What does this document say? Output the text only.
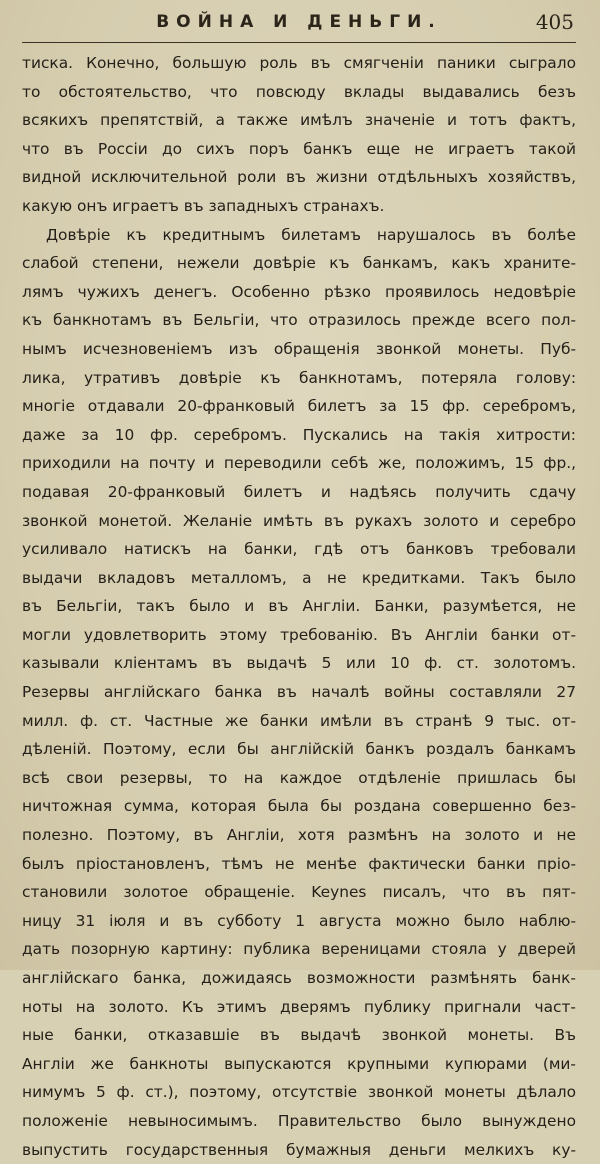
ВОЙНА И ДЕНЬГИ.	405

тиска. Конечно, большую роль въ смягченіи паники сыграло
то обстоятельство, что повсюду вклады выдавались безъ
всякихъ препятствій, а также имѣлъ значеніе и тотъ фактъ,
что въ Россіи до сихъ поръ банкъ еще не играетъ такой
видной исключительной роли въ жизни отдѣльныхъ хозяйствъ,
какую онъ играетъ въ западныхъ странахъ.

Довѣріе къ кредитнымъ билетамъ нарушалось въ болѣе
слабой степени, нежели довѣріе къ банкамъ, какъ хранитe-
лямъ чужихъ денегъ. Особенно рѣзко проявилось недовѣріе
къ банкнотамъ въ Бельгіи, что отразилось прежде всего пол-
нымъ исчезновеніемъ изъ обращенія звонкой монеты. Пуб-
лика, утративъ довѣріе къ банкнотамъ, потеряла голову:
многіе отдавали 20-франковый билетъ за 15 фр. серебромъ,
даже за 10 фр. серебромъ. Пускались на такія хитрости:
приходили на почту и переводили себѣ же, положимъ, 15 фр.,
подавая 20-франковый билетъ и надѣясь получить сдачу
звонкой монетой. Желаніе имѣть въ рукахъ золото и серебро
усиливало натискъ на банки, гдѣ отъ банковъ требовали
выдачи вкладовъ металломъ, а не кредитками. Такъ было
въ Бельгіи, такъ было и въ Англіи. Банки, разумѣется, не
могли удовлетворить этому требованію. Въ Англіи банки от-
казывали кліентамъ въ выдачѣ 5 или 10 ф. ст. золотомъ.
Резервы англійскаго банка въ началѣ войны составляли 27
милл. ф. ст. Частные же банки имѣли въ странѣ 9 тыс. от-
дѣленій. Поэтому, если бы англійскій банкъ роздалъ банкамъ
всѣ свои резервы, то на каждое отдѣленіе пришлась бы
ничтожная сумма, которая была бы роздана совершенно без-
полезно. Поэтому, въ Англіи, хотя размѣнъ на золото и не
былъ пріостановленъ, тѣмъ не менѣе фактически банки пріо-
становили золотое обращеніе. Keynes писалъ, что въ пят-
ницу 31 іюля и въ субботу 1 августа можно было наблю-
дать позорную картину: публика вереницами стояла у дверей
англійскаго банка, дожидаясь возможности размѣнять банк-
ноты на золото. Къ этимъ дверямъ публику пригнали част-
ные банки, отказавшіе въ выдачѣ звонкой монеты. Въ
Англіи же банкноты выпускаются крупными купюрами (ми-
нимумъ 5 ф. ст.), поэтому, отсутствіе звонкой монеты дѣлало
положеніе невыносимымъ. Правительство было вынуждено
выпустить государственныя бумажныя деньги мелкихъ ку-
